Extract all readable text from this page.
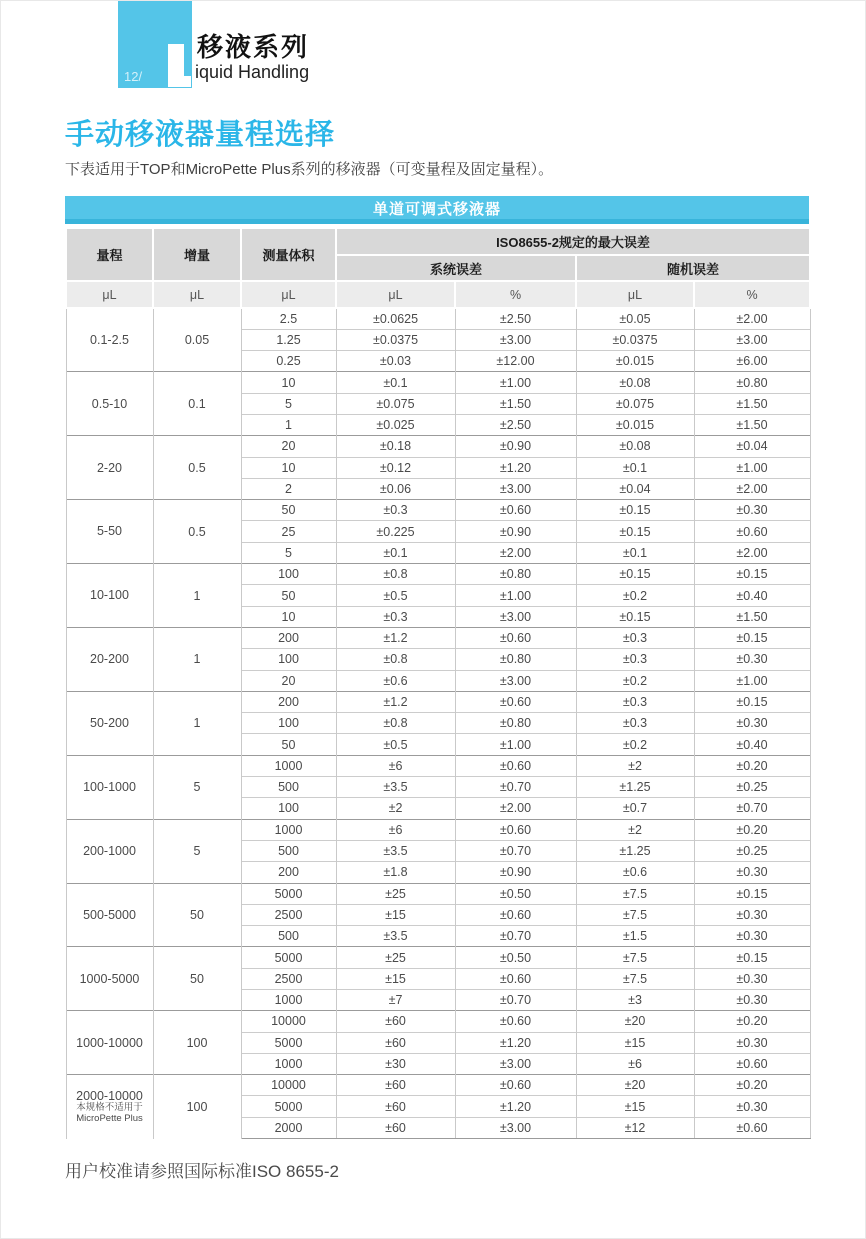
12/
移液系列
iquid Handling
手动移液器量程选择
下表适用于TOP和MicroPette Plus系列的移液器（可变量程及固定量程）。
单道可调式移液器
量程	增量	测量体积	ISO8655-2规定的最大误差			
			系统误差		随机误差	
μL	μL	μL	μL	%	μL	%

0.1-2.5	0.05	2.5	±0.0625	±2.50	±0.05	±2.00
		1.25	±0.0375	±3.00	±0.0375	±3.00
		0.25	±0.03	±12.00	±0.015	±6.00

0.5-10	0.1	10	±0.1	±1.00	±0.08	±0.80
		5	±0.075	±1.50	±0.075	±1.50
		1	±0.025	±2.50	±0.015	±1.50

2-20	0.5	20	±0.18	±0.90	±0.08	±0.04
		10	±0.12	±1.20	±0.1	±1.00
		2	±0.06	±3.00	±0.04	±2.00

5-50	0.5	50	±0.3	±0.60	±0.15	±0.30
		25	±0.225	±0.90	±0.15	±0.60
		5	±0.1	±2.00	±0.1	±2.00

10-100	1	100	±0.8	±0.80	±0.15	±0.15
		50	±0.5	±1.00	±0.2	±0.40
		10	±0.3	±3.00	±0.15	±1.50

20-200	1	200	±1.2	±0.60	±0.3	±0.15
		100	±0.8	±0.80	±0.3	±0.30
		20	±0.6	±3.00	±0.2	±1.00

50-200	1	200	±1.2	±0.60	±0.3	±0.15
		100	±0.8	±0.80	±0.3	±0.30
		50	±0.5	±1.00	±0.2	±0.40

100-1000	5	1000	±6	±0.60	±2	±0.20
		500	±3.5	±0.70	±1.25	±0.25
		100	±2	±2.00	±0.7	±0.70

200-1000	5	1000	±6	±0.60	±2	±0.20
		500	±3.5	±0.70	±1.25	±0.25
		200	±1.8	±0.90	±0.6	±0.30

500-5000	50	5000	±25	±0.50	±7.5	±0.15
		2500	±15	±0.60	±7.5	±0.30
		500	±3.5	±0.70	±1.5	±0.30

1000-5000	50	5000	±25	±0.50	±7.5	±0.15
		2500	±15	±0.60	±7.5	±0.30
		1000	±7	±0.70	±3	±0.30

1000-10000	100	10000	±60	±0.60	±20	±0.20
		5000	±60	±1.20	±15	±0.30
		1000	±30	±3.00	±6	±0.60

2000-10000
本规格不适用于
MicroPette Plus	100	10000	±60	±0.60	±20	±0.20
		5000	±60	±1.20	±15	±0.30
		2000	±60	±3.00	±12	±0.60
用户校准请参照国际标准ISO 8655-2
